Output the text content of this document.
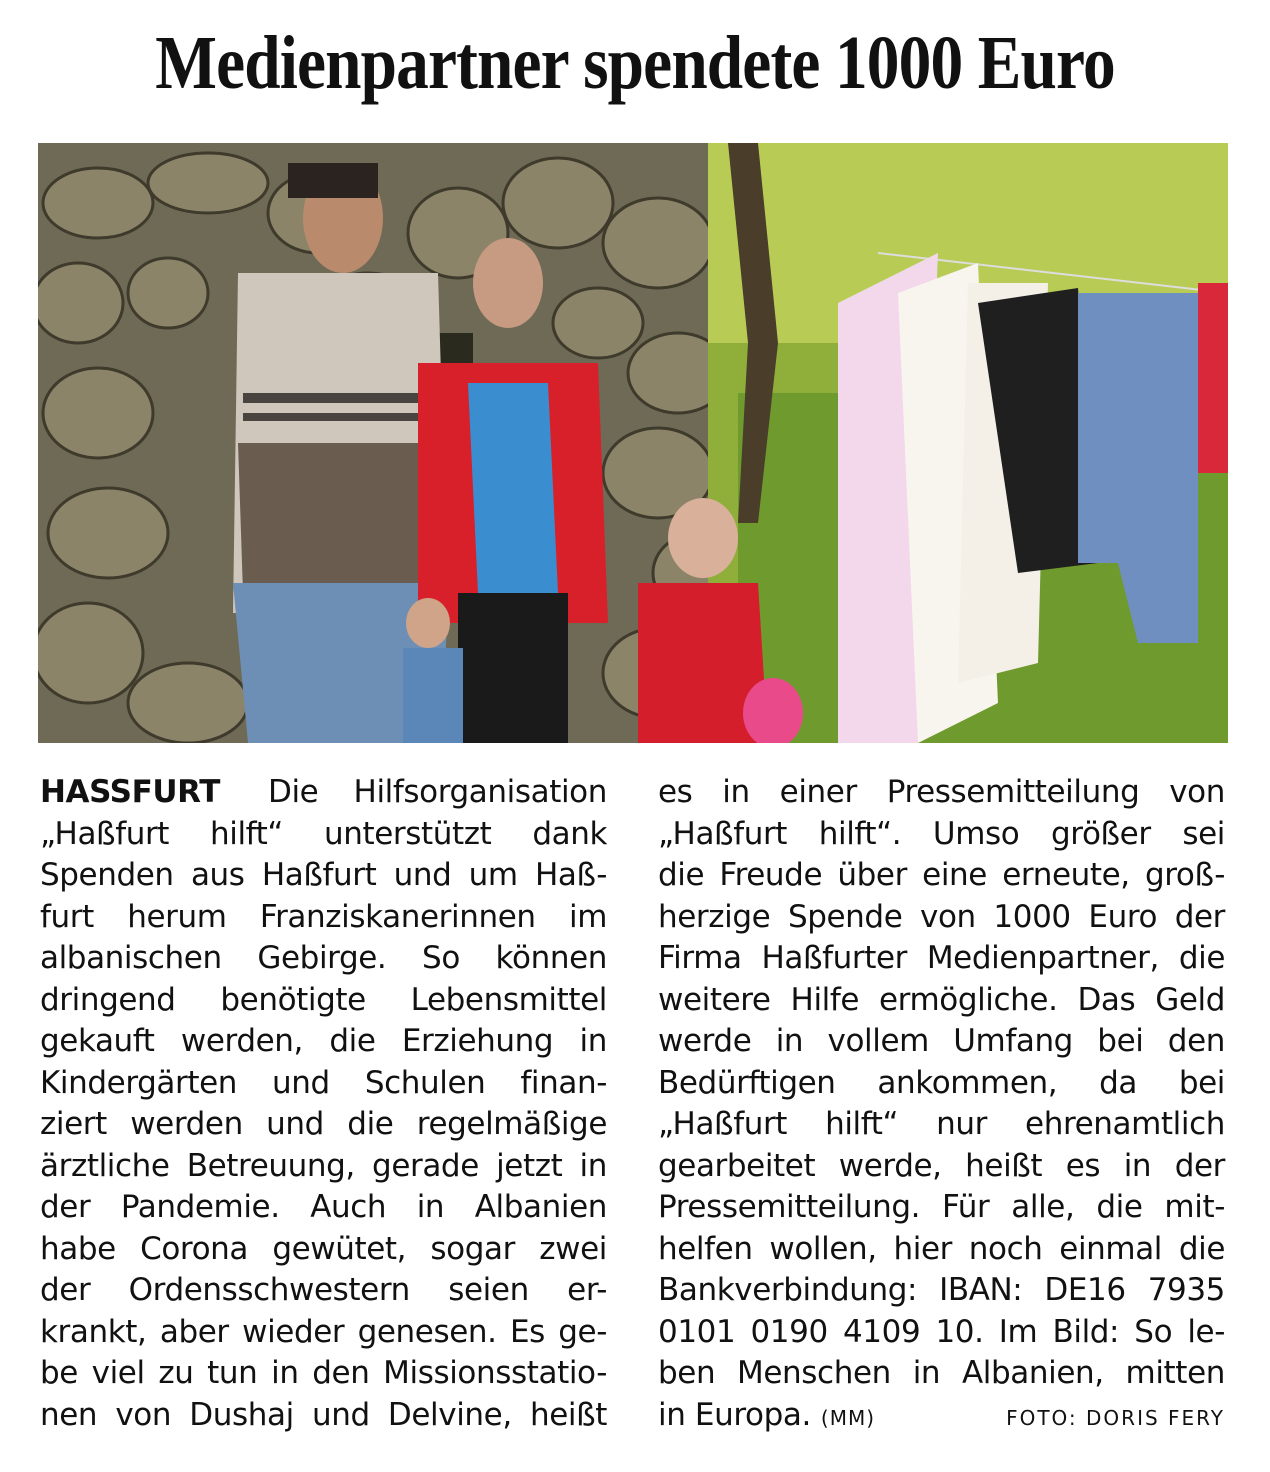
Medienpartner spendete 1000 Euro
HASSFURT Die Hilfsorganisation
„Haßfurt hilft“ unterstützt dank
Spenden aus Haßfurt und um Haß-
furt herum Franziskanerinnen im
albanischen Gebirge. So können
dringend benötigte Lebensmittel
gekauft werden, die Erziehung in
Kindergärten und Schulen finan-
ziert werden und die regelmäßige
ärztliche Betreuung, gerade jetzt in
der Pandemie. Auch in Albanien
habe Corona gewütet, sogar zwei
der Ordensschwestern seien er-
krankt, aber wieder genesen. Es ge-
be viel zu tun in den Missionsstatio-
nen von Dushaj und Delvine, heißt
es in einer Pressemitteilung von
„Haßfurt hilft“. Umso größer sei
die Freude über eine erneute, groß-
herzige Spende von 1000 Euro der
Firma Haßfurter Medienpartner, die
weitere Hilfe ermögliche. Das Geld
werde in vollem Umfang bei den
Bedürftigen ankommen, da bei
„Haßfurt hilft“ nur ehrenamtlich
gearbeitet werde, heißt es in der
Pressemitteilung. Für alle, die mit-
helfen wollen, hier noch einmal die
Bankverbindung: IBAN: DE16 7935
0101 0190 4109 10. Im Bild: So le-
ben Menschen in Albanien, mitten
in Europa. (MM)	FOTO: DORIS FERY
